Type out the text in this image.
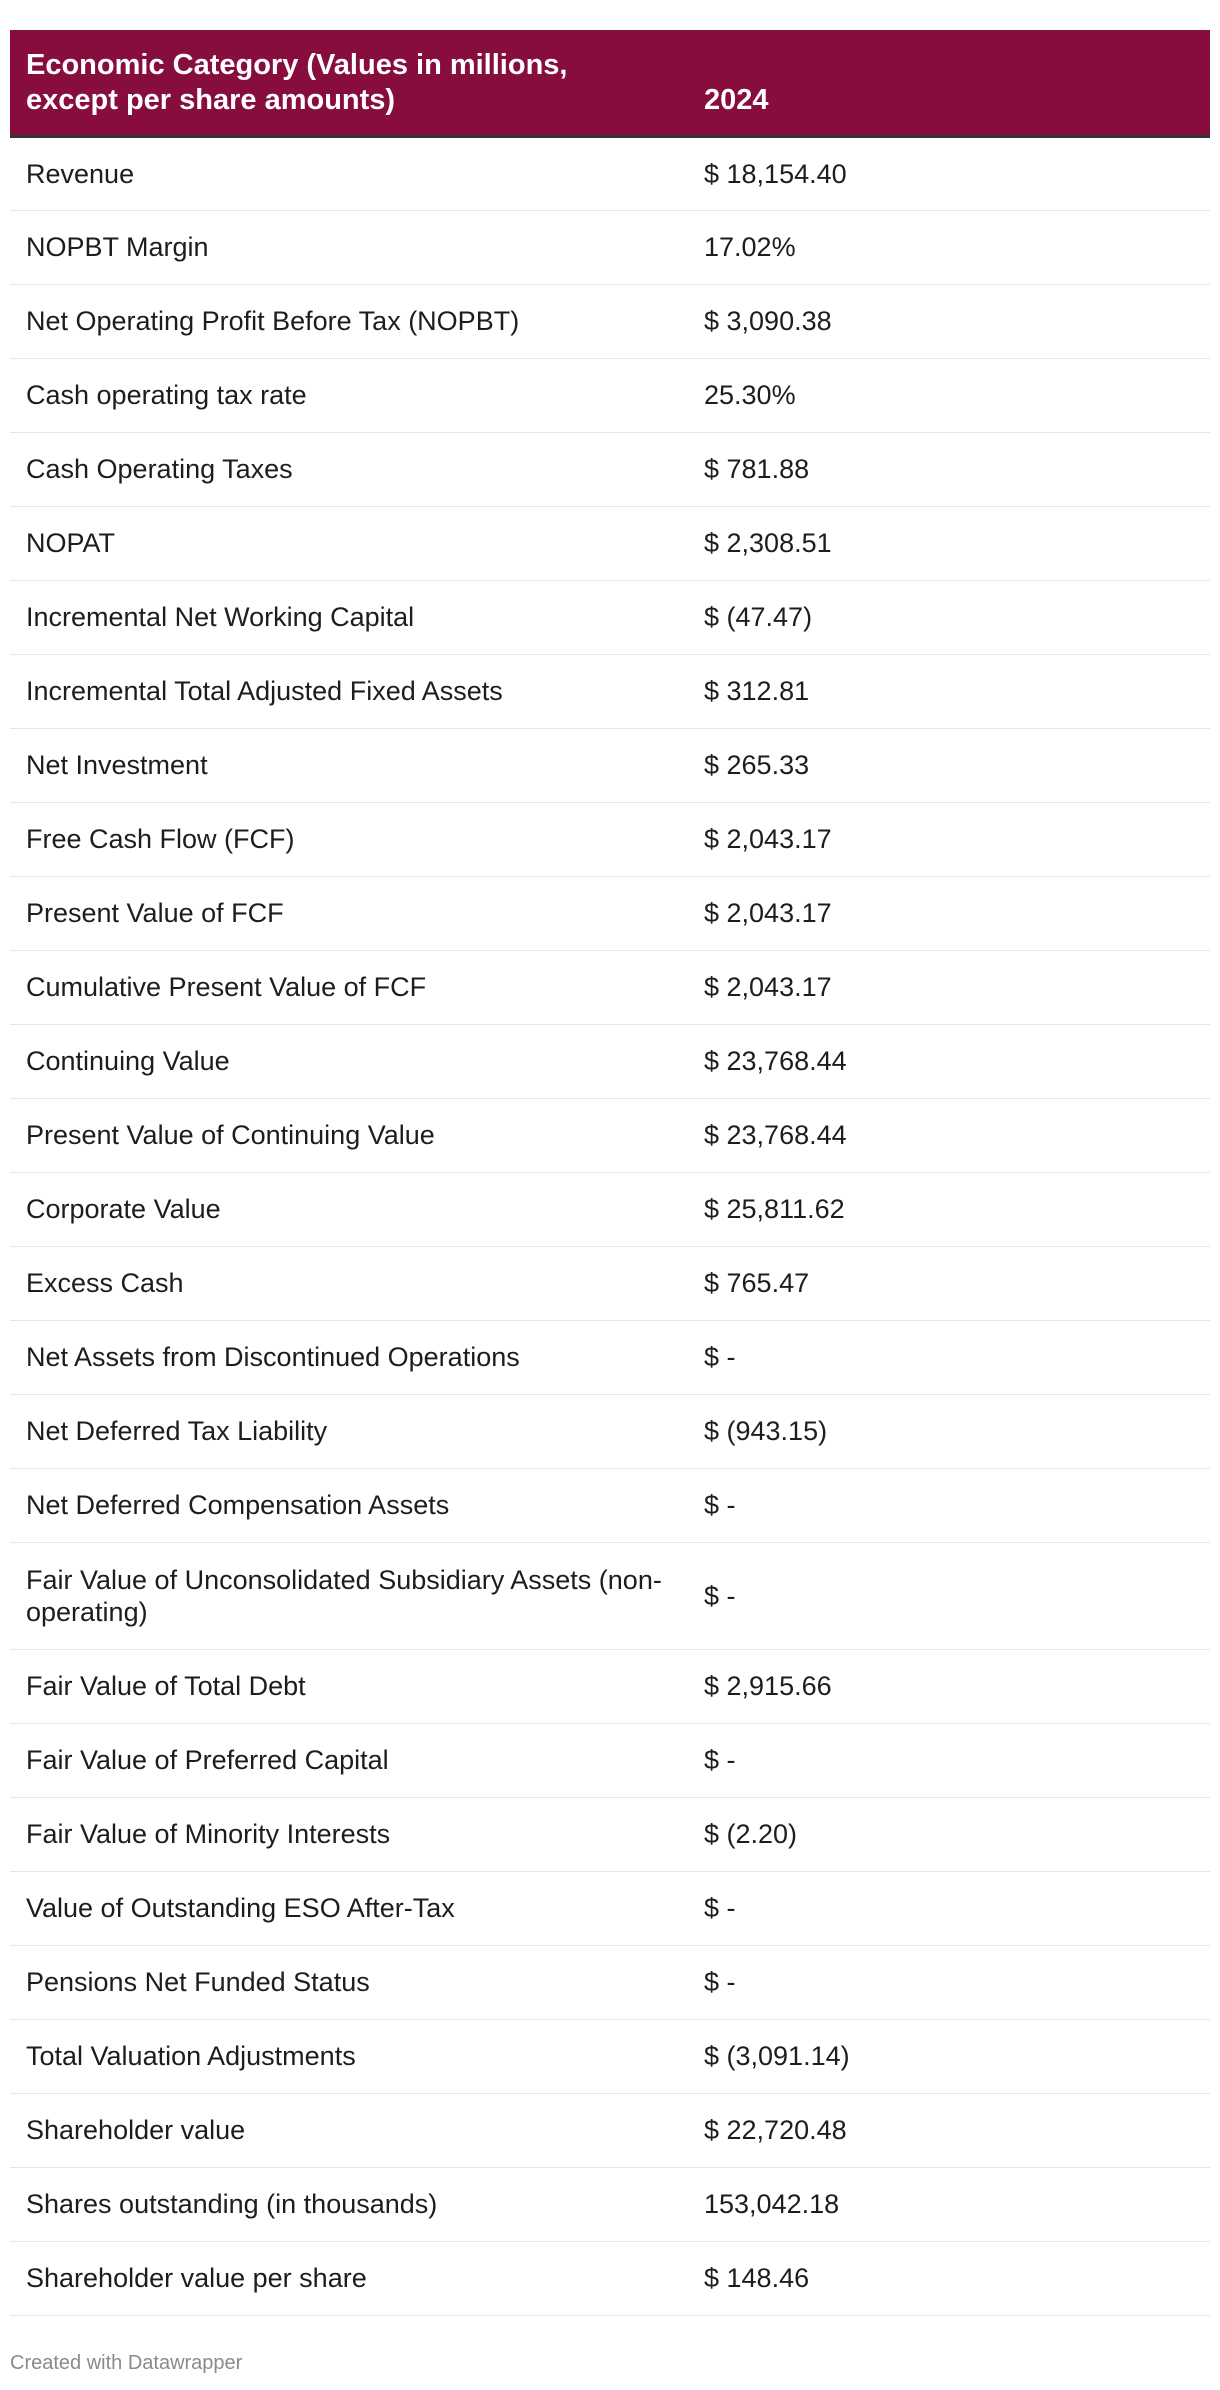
Economic Category (Values in millions,
except per share amounts)	2024
Revenue	$ 18,154.40
NOPBT Margin	17.02%
Net Operating Profit Before Tax (NOPBT)	$ 3,090.38
Cash operating tax rate	25.30%
Cash Operating Taxes	$ 781.88
NOPAT	$ 2,308.51
Incremental Net Working Capital	$ (47.47)
Incremental Total Adjusted Fixed Assets	$ 312.81
Net Investment	$ 265.33
Free Cash Flow (FCF)	$ 2,043.17
Present Value of FCF	$ 2,043.17
Cumulative Present Value of FCF	$ 2,043.17
Continuing Value	$ 23,768.44
Present Value of Continuing Value	$ 23,768.44
Corporate Value	$ 25,811.62
Excess Cash	$ 765.47
Net Assets from Discontinued Operations	$ -
Net Deferred Tax Liability	$ (943.15)
Net Deferred Compensation Assets	$ -
Fair Value of Unconsolidated Subsidiary Assets (non-operating)	$ -
Fair Value of Total Debt	$ 2,915.66
Fair Value of Preferred Capital	$ -
Fair Value of Minority Interests	$ (2.20)
Value of Outstanding ESO After-Tax	$ -
Pensions Net Funded Status	$ -
Total Valuation Adjustments	$ (3,091.14)
Shareholder value	$ 22,720.48
Shares outstanding (in thousands)	153,042.18
Shareholder value per share	$ 148.46
Created with Datawrapper
